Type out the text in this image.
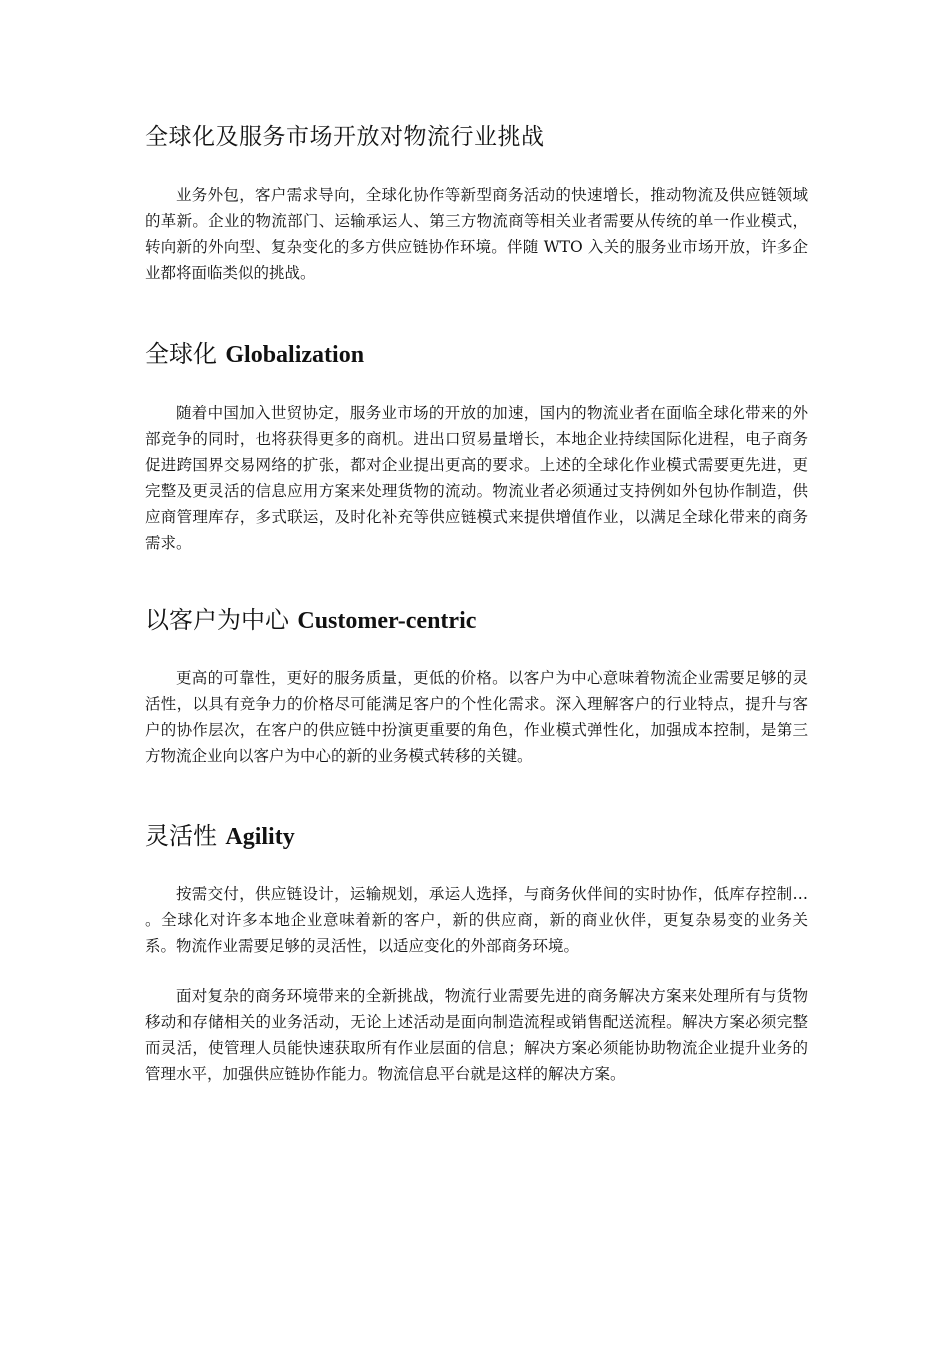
全球化及服务市场开放对物流行业挑战

业务外包，客户需求导向，全球化协作等新型商务活动的快速增长，推动物流及供应链领域的革新。企业的物流部门、运输承运人、第三方物流商等相关业者需要从传统的单一作业模式， 转向新的外向型、复杂变化的多方供应链协作环境。伴随 WTO 入关的服务业市场开放，许多企业都将面临类似的挑战。

全球化 Globalization

随着中国加入世贸协定，服务业市场的开放的加速，国内的物流业者在面临全球化带来的外部竞争的同时，也将获得更多的商机。进出口贸易量增长，本地企业持续国际化进程，电子商务促进跨国界交易网络的扩张，都对企业提出更高的要求。上述的全球化作业模式需要更先进，更完整及更灵活的信息应用方案来处理货物的流动。物流业者必须通过支持例如外包协作制造，供应商管理库存，多式联运，及时化补充等供应链模式来提供增值作业，以满足全球化带来的商务需求。

以客户为中心 Customer-centric

更高的可靠性，更好的服务质量，更低的价格。以客户为中心意味着物流企业需要足够的灵活性，以具有竞争力的价格尽可能满足客户的个性化需求。深入理解客户的行业特点，提升与客户的协作层次，在客户的供应链中扮演更重要的角色，作业模式弹性化，加强成本控制，是第三方物流企业向以客户为中心的新的业务模式转移的关键。

灵活性 Agility

按需交付，供应链设计，运输规划，承运人选择，与商务伙伴间的实时协作，低库存控制… 。全球化对许多本地企业意味着新的客户，新的供应商，新的商业伙伴，更复杂易变的业务关系。物流作业需要足够的灵活性，以适应变化的外部商务环境。

面对复杂的商务环境带来的全新挑战，物流行业需要先进的商务解决方案来处理所有与货物移动和存储相关的业务活动，无论上述活动是面向制造流程或销售配送流程。解决方案必须完整而灵活，使管理人员能快速获取所有作业层面的信息；解决方案必须能协助物流企业提升业务的管理水平，加强供应链协作能力。物流信息平台就是这样的解决方案。
